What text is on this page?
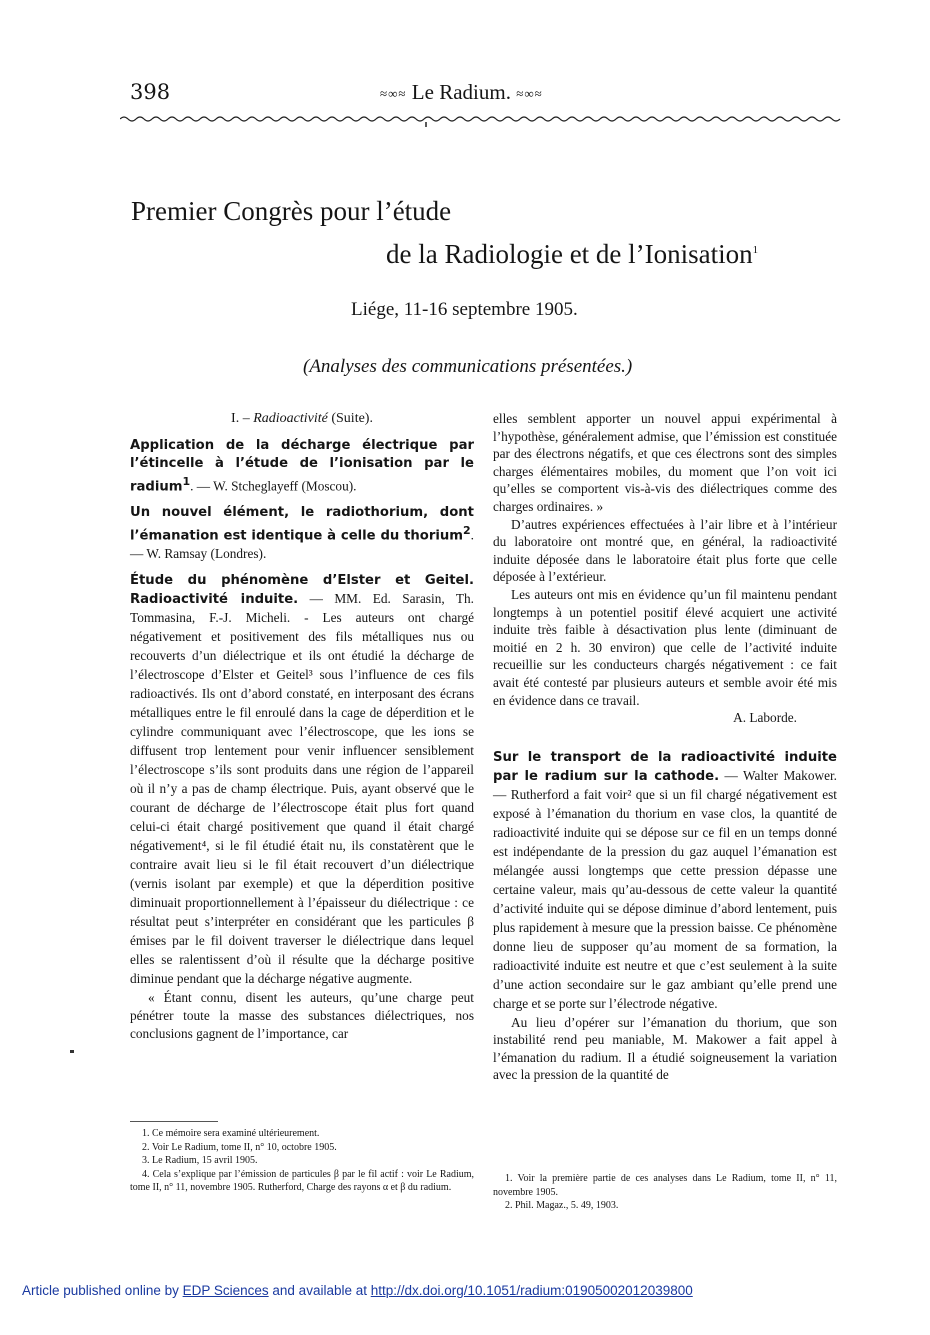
398	≈∞≈ Le Radium. ≈∞≈
Premier Congrès pour l’étude
de la Radiologie et de l’Ionisation$^1$
Liége, 11-16 septembre 1905.
(Analyses des communications présentées.)

I. – Radioactivité (Suite).

Application de la décharge électrique par l’étincelle à l’étude de l’ionisation par le radium$^1$. — W. Stcheglayeff (Moscou).

Un nouvel élément, le radiothorium, dont l’émanation est identique à celle du thorium$^2$. — W. Ramsay (Londres).

Étude du phénomène d’Elster et Geitel. Radioactivité induite. — MM. Ed. Sarasin, Th. Tommasina, F.-J. Micheli. - Les auteurs ont chargé négativement et positivement des fils métalliques nus ou recouverts d’un diélectrique et ils ont étudié la décharge de l’électroscope d’Elster et Geitel³ sous l’influence de ces fils radioactivés. Ils ont d’abord constaté, en interposant des écrans métalliques entre le fil enroulé dans la cage de déperdition et le cylindre communiquant avec l’électroscope, que les ions se diffusent trop lentement pour venir influencer sensiblement l’électroscope s’ils sont produits dans une région de l’appareil où il n’y a pas de champ électrique. Puis, ayant observé que le courant de décharge de l’électroscope était plus fort quand celui-ci était chargé positivement que quand il était chargé négativement⁴, si le fil étudié était nu, ils constatèrent que le contraire avait lieu si le fil était recouvert d’un diélectrique (vernis isolant par exemple) et que la déperdition positive diminuait proportionnellement à l’épaisseur du diélectrique : ce résultat peut s’interpréter en considérant que les particules β émises par le fil doivent traverser le diélectrique dans lequel elles se ralentissent d’où il résulte que la décharge positive diminue pendant que la décharge négative augmente.

« Étant connu, disent les auteurs, qu’une charge peut pénétrer toute la masse des substances diélectriques, nos conclusions gagnent de l’importance, car

elles semblent apporter un nouvel appui expérimental à l’hypothèse, généralement admise, que l’émission est constituée par des électrons négatifs, et que ces électrons sont des simples charges élémentaires mobiles, du moment que l’on voit ici qu’elles se comportent vis-à-vis des diélectriques comme des charges ordinaires. »

D’autres expériences effectuées à l’air libre et à l’intérieur du laboratoire ont montré que, en général, la radioactivité induite déposée dans le laboratoire était plus forte que celle déposée à l’extérieur.

Les auteurs ont mis en évidence qu’un fil maintenu pendant longtemps à un potentiel positif élevé acquiert une activité induite très faible à désactivation plus lente (diminuant de moitié en 2 h. 30 environ) que celle de l’activité induite recueillie sur les conducteurs chargés négativement : ce fait avait été contesté par plusieurs auteurs et semble avoir été mis en évidence dans ce travail.
A. Laborde.

Sur le transport de la radioactivité induite par le radium sur la cathode. — Walter Makower. — Rutherford a fait voir² que si un fil chargé négativement est exposé à l’émanation du thorium en vase clos, la quantité de radioactivité induite qui se dépose sur ce fil en un temps donné est indépendante de la pression du gaz auquel l’émanation est mélangée aussi longtemps que cette pression dépasse une certaine valeur, mais qu’au-dessous de cette valeur la quantité d’activité induite qui se dépose diminue d’abord lentement, puis plus rapidement à mesure que la pression baisse. Ce phénomène donne lieu de supposer qu’au moment de sa formation, la radioactivité induite est neutre et que c’est seulement à la suite d’une action secondaire sur le gaz ambiant qu’elle prend une charge et se porte sur l’électrode négative.

Au lieu d’opérer sur l’émanation du thorium, que son instabilité rend peu maniable, M. Makower a fait appel à l’émanation du radium. Il a étudié soigneusement la variation avec la pression de la quantité de

1. Ce mémoire sera examiné ultérieurement.
2. Voir Le Radium, tome II, n° 10, octobre 1905.
3. Le Radium, 15 avril 1905.
4. Cela s’explique par l’émission de particules β par le fil actif : voir Le Radium, tome II, n° 11, novembre 1905. Rutherford, Charge des rayons α et β du radium.
1. Voir la première partie de ces analyses dans Le Radium, tome II, n° 11, novembre 1905.
2. Phil. Magaz., 5. 49, 1903.
Article published online by EDP Sciences and available at http://dx.doi.org/10.1051/radium:01905002012039800
